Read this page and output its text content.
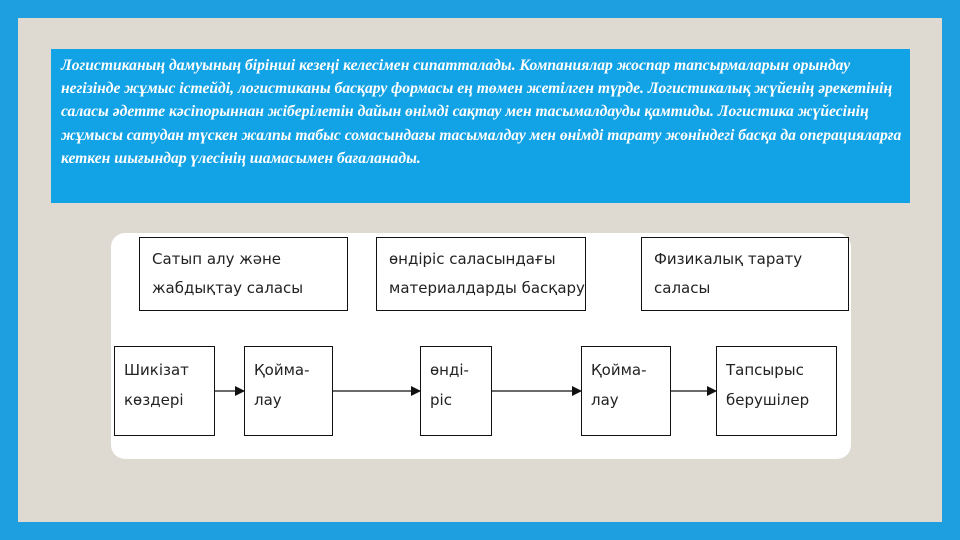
Логистиканың дамуының бірінші кезеңі келесімен сипатталады. Компаниялар жоспар тапсырмаларын орындау негізінде жұмыс істейді, логистиканы басқару формасы ең төмен жетілген түрде. Логистикалық жүйенің әрекетінің саласы әдетте кәсіпорыннан жіберілетін дайын өнімді сақтау мен тасымалдауды қамтиды. Логистика жүйесінің жұмысы сатудан түскен жалпы табыс сомасындағы тасымалдау мен өнімді тарату жөніндегі басқа да операцияларға кеткен шығындар үлесінің шамасымен бағаланады.
Сатып алу және
жабдықтау саласы
өндіріс саласындағы
материалдарды басқару
Физикалық тарату
саласы
Шикізат
көздері
Қойма-
лау
өнді-
ріс
Қойма-
лау
Тапсырыс
берушілер
